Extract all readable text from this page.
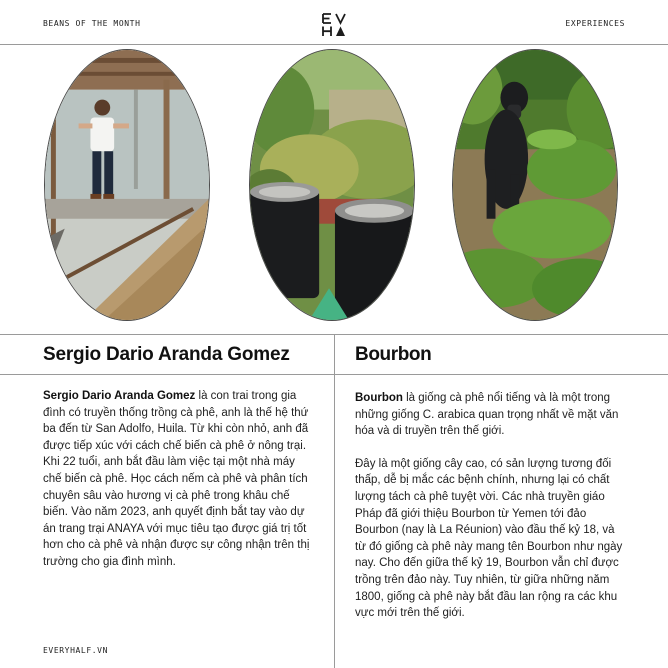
BEANS OF THE MONTH	EXPERIENCES
Sergio Dario Aranda Gomez	Bourbon

Sergio Dario Aranda Gomez là con trai trong gia đình có truyền thống trồng cà phê, anh là thế hệ thứ ba đến từ San Adolfo, Huila. Từ khi còn nhỏ, anh đã được tiếp xúc với cách chế biến cà phê ở nông trại.

Khi 22 tuổi, anh bắt đầu làm việc tại một nhà máy chế biến cà phê. Học cách nếm cà phê và phân tích chuyên sâu vào hương vị cà phê trong khâu chế biến. Vào năm 2023, anh quyết định bắt tay vào dự án trang trại ANAYA với mục tiêu tạo được giá trị tốt hơn cho cà phê và nhận được sự công nhận trên thị trường cho gia đình mình.

Bourbon là giống cà phê nổi tiếng và là một trong những giống C. arabica quan trọng nhất về mặt văn hóa và di truyền trên thế giới.

Đây là một giống cây cao, có sản lượng tương đối thấp, dễ bị mắc các bệnh chính, nhưng lại có chất lượng tách cà phê tuyệt vời. Các nhà truyền giáo Pháp đã giới thiệu Bourbon từ Yemen tới đảo Bourbon (nay là La Réunion) vào đầu thế kỷ 18, và từ đó giống cà phê này mang tên Bourbon như ngày nay. Cho đến giữa thế kỷ 19, Bourbon vẫn chỉ được trồng trên đảo này. Tuy nhiên, từ giữa những năm 1800, giống cà phê này bắt đầu lan rộng ra các khu vực mới trên thế giới.

EVERYHALF.VN
